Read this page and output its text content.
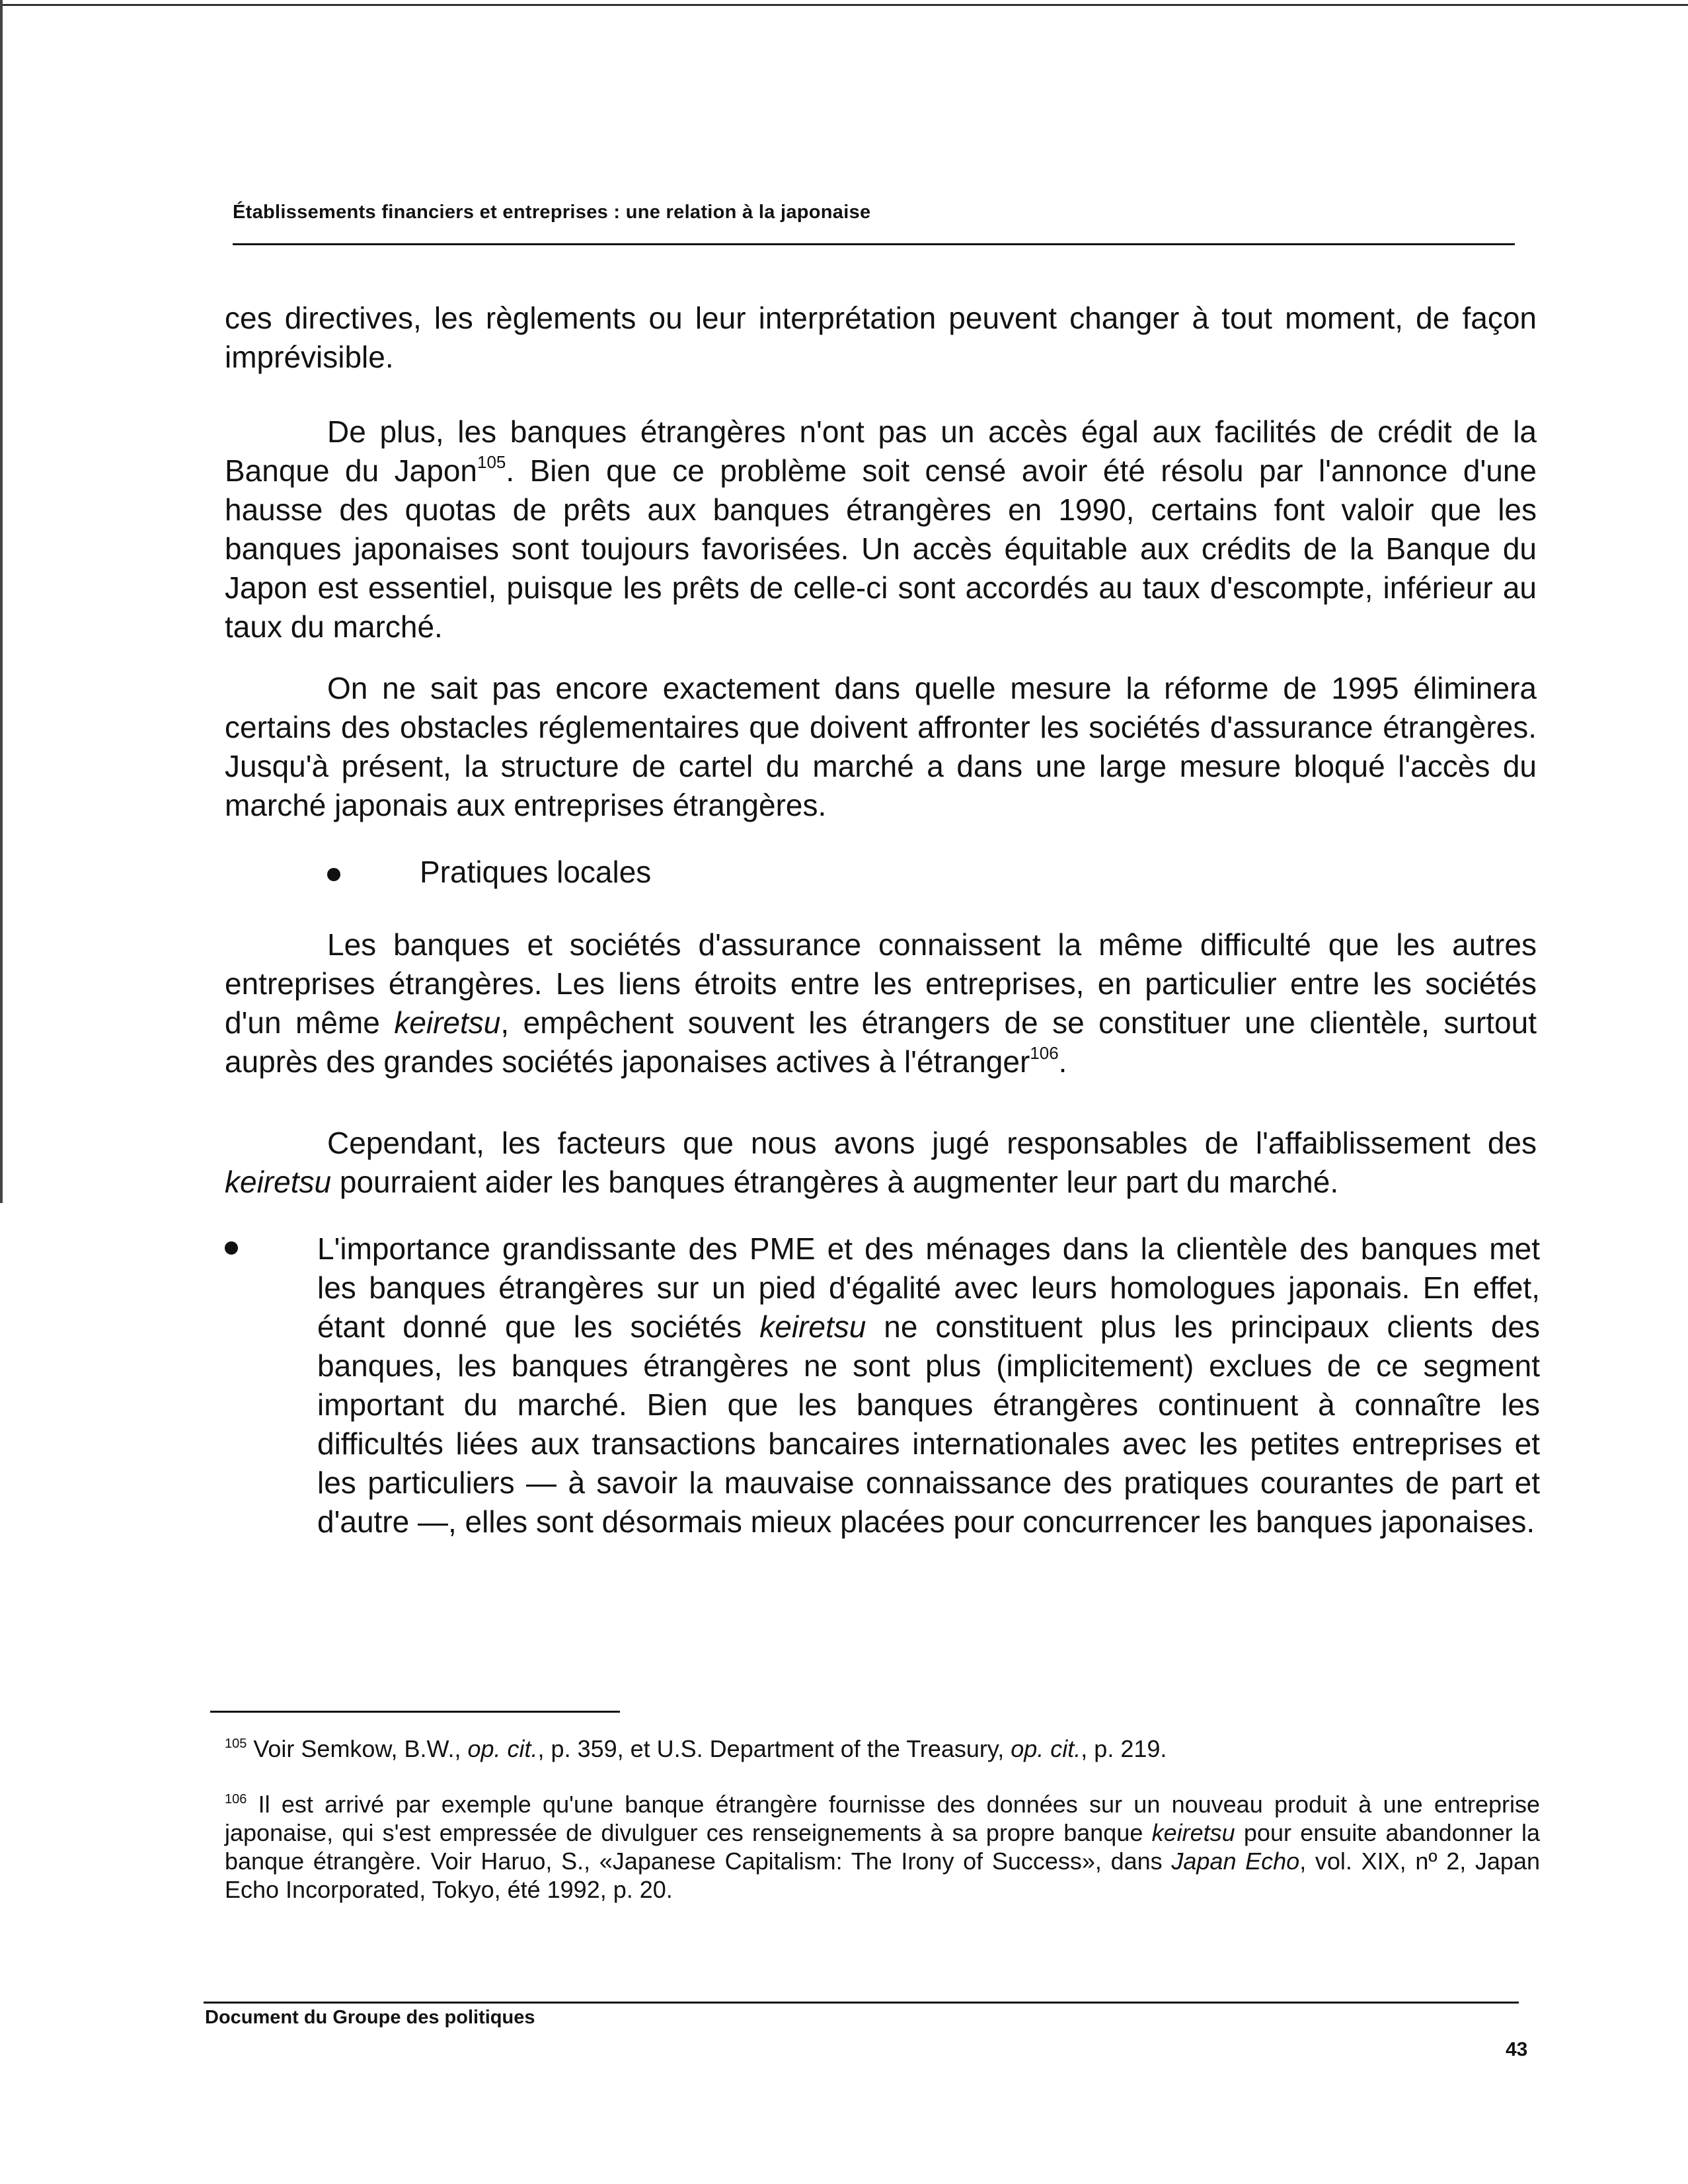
Établissements financiers et entreprises : une relation à la japonaise

ces directives, les règlements ou leur interprétation peuvent changer à tout moment, de façon imprévisible.

De plus, les banques étrangères n'ont pas un accès égal aux facilités de crédit de la Banque du Japon$^{105}$. Bien que ce problème soit censé avoir été résolu par l'annonce d'une hausse des quotas de prêts aux banques étrangères en 1990, certains font valoir que les banques japonaises sont toujours favorisées. Un accès équitable aux crédits de la Banque du Japon est essentiel, puisque les prêts de celle-ci sont accordés au taux d'escompte, inférieur au taux du marché.

On ne sait pas encore exactement dans quelle mesure la réforme de 1995 éliminera certains des obstacles réglementaires que doivent affronter les sociétés d'assurance étrangères. Jusqu'à présent, la structure de cartel du marché a dans une large mesure bloqué l'accès du marché japonais aux entreprises étrangères.

Pratiques locales

Les banques et sociétés d'assurance connaissent la même difficulté que les autres entreprises étrangères. Les liens étroits entre les entreprises, en particulier entre les sociétés d'un même keiretsu, empêchent souvent les étrangers de se constituer une clientèle, surtout auprès des grandes sociétés japonaises actives à l'étranger$^{106}$.

Cependant, les facteurs que nous avons jugé responsables de l'affaiblissement des keiretsu pourraient aider les banques étrangères à augmenter leur part du marché.

L'importance grandissante des PME et des ménages dans la clientèle des banques met les banques étrangères sur un pied d'égalité avec leurs homologues japonais. En effet, étant donné que les sociétés keiretsu ne constituent plus les principaux clients des banques, les banques étrangères ne sont plus (implicitement) exclues de ce segment important du marché. Bien que les banques étrangères continuent à connaître les difficultés liées aux transactions bancaires internationales avec les petites entreprises et les particuliers — à savoir la mauvaise connaissance des pratiques courantes de part et d'autre —, elles sont désormais mieux placées pour concurrencer les banques japonaises.

$^{105}$ Voir Semkow, B.W., op. cit., p. 359, et U.S. Department of the Treasury, op. cit., p. 219.

$^{106}$ Il est arrivé par exemple qu'une banque étrangère fournisse des données sur un nouveau produit à une entreprise japonaise, qui s'est empressée de divulguer ces renseignements à sa propre banque keiretsu pour ensuite abandonner la banque étrangère. Voir Haruo, S., «Japanese Capitalism: The Irony of Success», dans Japan Echo, vol. XIX, nº 2, Japan Echo Incorporated, Tokyo, été 1992, p. 20.

Document du Groupe des politiques
43
